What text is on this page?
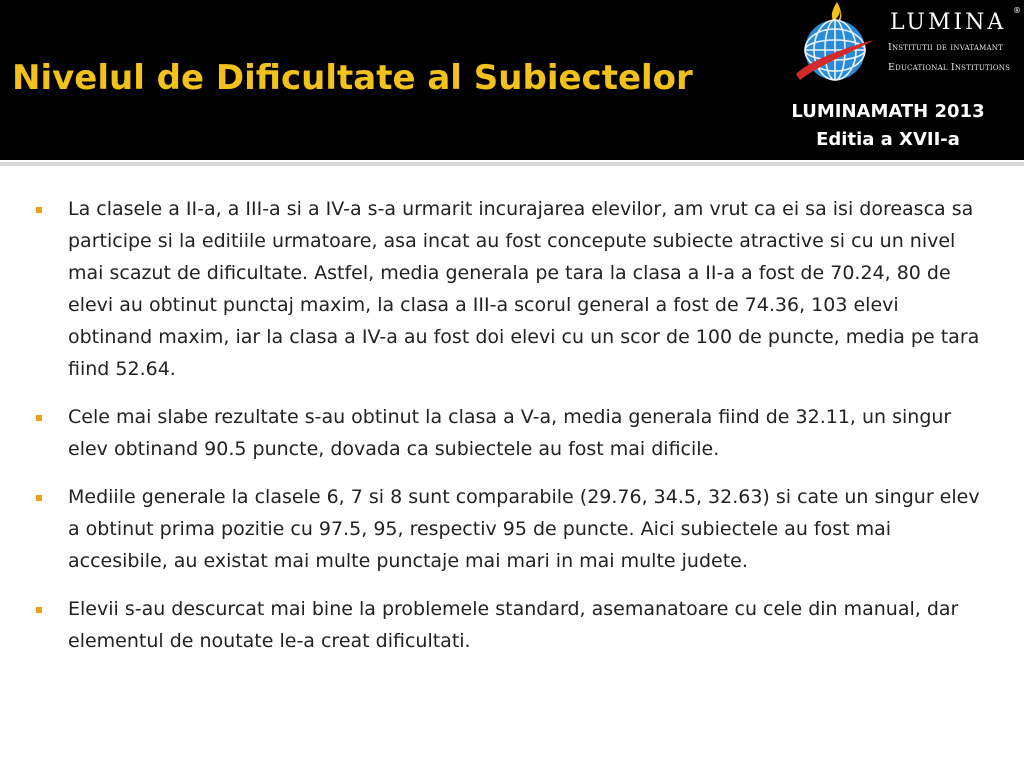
Nivelul de Dificultate al Subiectelor
LUMINA ®
Institutii de invatamant
Educational Institutions
LUMINAMATH 2013
Editia a XVII-a
La clasele a II-a, a III-a si a IV-a s-a urmarit incurajarea elevilor, am vrut ca ei sa isi doreasca sa participe si la editiile urmatoare, asa incat au fost concepute subiecte atractive si cu un nivel mai scazut de dificultate. Astfel, media generala pe tara la clasa a II-a a fost de 70.24, 80 de elevi au obtinut punctaj maxim, la clasa a III-a scorul general a fost de 74.36, 103 elevi obtinand maxim, iar la clasa a IV-a au fost doi elevi cu un scor de 100 de puncte, media pe tara fiind 52.64.
Cele mai slabe rezultate s-au obtinut la clasa a V-a, media generala fiind de 32.11, un singur elev obtinand 90.5 puncte, dovada ca subiectele au fost mai dificile.
Mediile generale la clasele 6, 7 si 8 sunt comparabile (29.76, 34.5, 32.63) si cate un singur elev a obtinut prima pozitie cu 97.5, 95, respectiv 95 de puncte. Aici subiectele au fost mai accesibile, au existat mai multe punctaje mai mari in mai multe judete.
Elevii s-au descurcat mai bine la problemele standard, asemanatoare cu cele din manual, dar elementul de noutate le-a creat dificultati.
